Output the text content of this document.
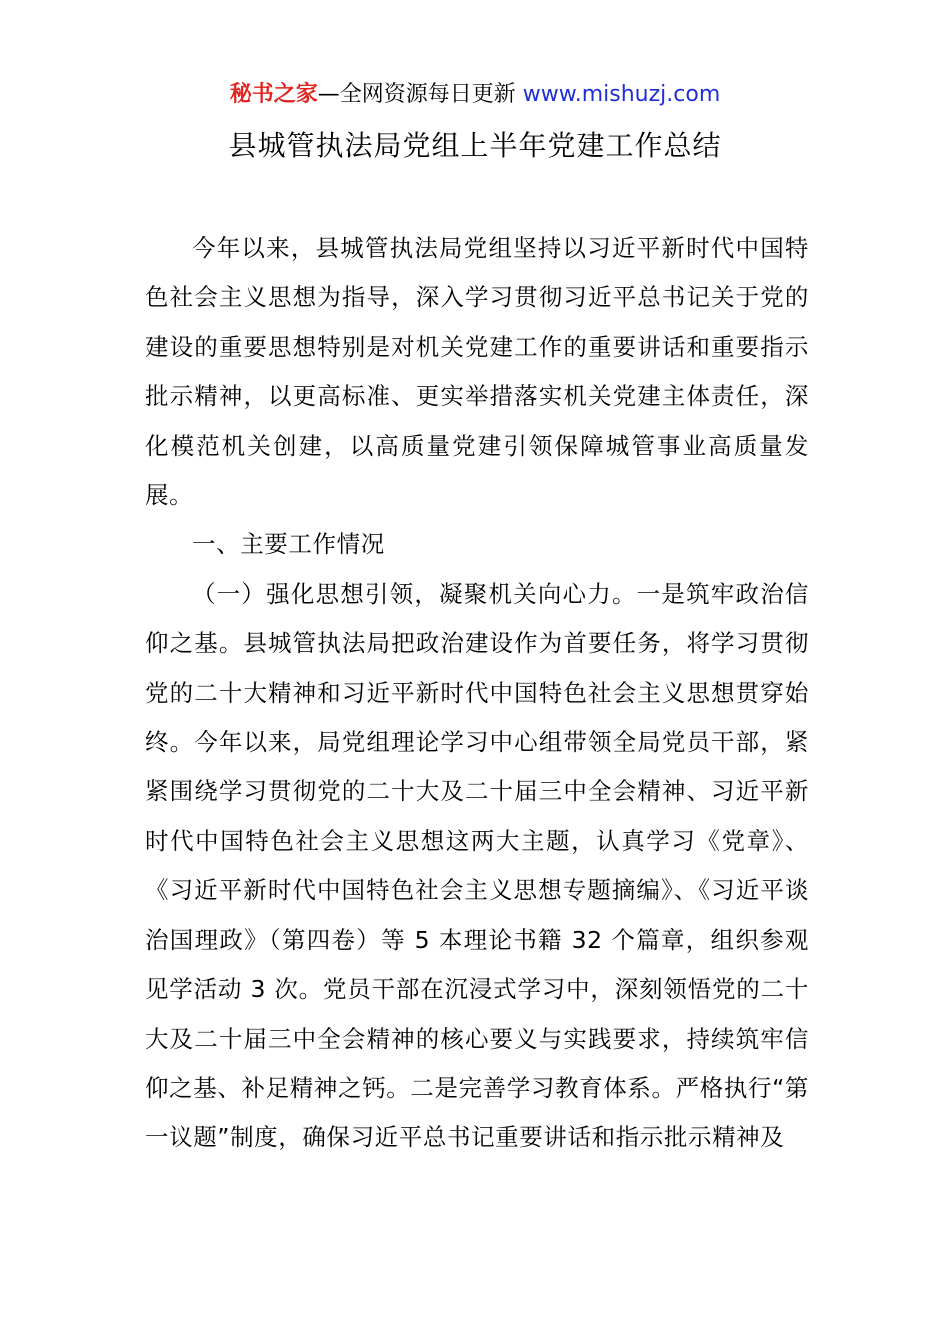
秘书之家—全网资源每日更新 www.mishuzj.com
县城管执法局党组上半年党建工作总结

今年以来，县城管执法局党组坚持以习近平新时代中国特色社会主义思想为指导，深入学习贯彻习近平总书记关于党的建设的重要思想特别是对机关党建工作的重要讲话和重要指示批示精神，以更高标准、更实举措落实机关党建主体责任，深化模范机关创建，以高质量党建引领保障城管事业高质量发展。

一、主要工作情况

（一）强化思想引领，凝聚机关向心力。一是筑牢政治信仰之基。县城管执法局把政治建设作为首要任务，将学习贯彻党的二十大精神和习近平新时代中国特色社会主义思想贯穿始终。今年以来，局党组理论学习中心组带领全局党员干部，紧紧围绕学习贯彻党的二十大及二十届三中全会精神、习近平新时代中国特色社会主义思想这两大主题，认真学习《党章》、《习近平新时代中国特色社会主义思想专题摘编》、《习近平谈治国理政》（第四卷）等 5 本理论书籍 32 个篇章，组织参观见学活动 3 次。党员干部在沉浸式学习中，深刻领悟党的二十大及二十届三中全会精神的核心要义与实践要求，持续筑牢信仰之基、补足精神之钙。二是完善学习教育体系。严格执行“第一议题”制度，确保习近平总书记重要讲话和指示批示精神及
